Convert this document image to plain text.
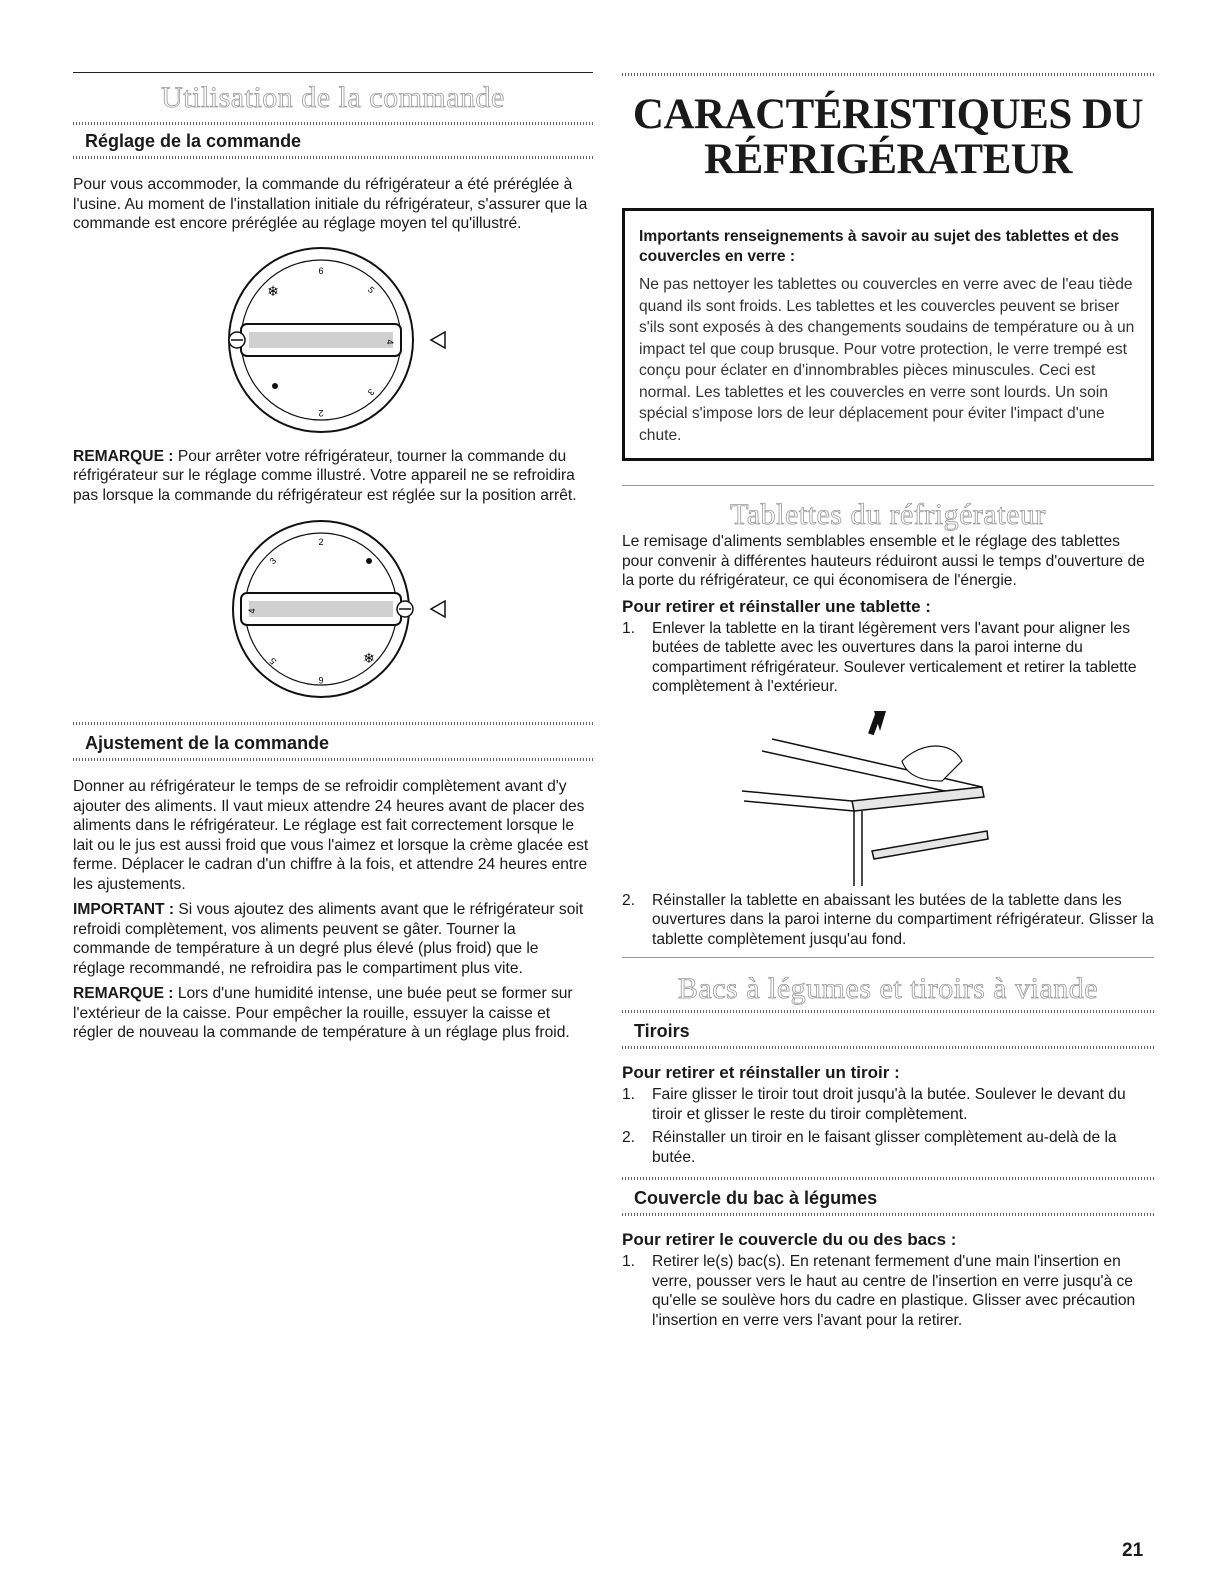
Utilisation de la commande
Réglage de la commande

Pour vous accommoder, la commande du réfrigérateur a été préréglée à l'usine. Au moment de l'installation initiale du réfrigérateur, s'assurer que la commande est encore préréglée au réglage moyen tel qu'illustré.

6
5
4
3
2
❄

REMARQUE : Pour arrêter votre réfrigérateur, tourner la commande du réfrigérateur sur le réglage comme illustré. Votre appareil ne se refroidira pas lorsque la commande du réfrigérateur est réglée sur la position arrêt.

2
3
4
5
6
❄
Ajustement de la commande

Donner au réfrigérateur le temps de se refroidir complètement avant d'y ajouter des aliments. Il vaut mieux attendre 24 heures avant de placer des aliments dans le réfrigérateur. Le réglage est fait correctement lorsque le lait ou le jus est aussi froid que vous l'aimez et lorsque la crème glacée est ferme. Déplacer le cadran d'un chiffre à la fois, et attendre 24 heures entre les ajustements.

IMPORTANT : Si vous ajoutez des aliments avant que le réfrigérateur soit refroidi complètement, vos aliments peuvent se gâter. Tourner la commande de température à un degré plus élevé (plus froid) que le réglage recommandé, ne refroidira pas le compartiment plus vite.

REMARQUE : Lors d'une humidité intense, une buée peut se former sur l'extérieur de la caisse. Pour empêcher la rouille, essuyer la caisse et régler de nouveau la commande de température à un réglage plus froid.

CARACTÉRISTIQUES DU
RÉFRIGÉRATEUR
Importants renseignements à savoir au sujet des tablettes et des couvercles en verre :
Ne pas nettoyer les tablettes ou couvercles en verre avec de l'eau tiède quand ils sont froids. Les tablettes et les couvercles peuvent se briser s'ils sont exposés à des changements soudains de température ou à un impact tel que coup brusque. Pour votre protection, le verre trempé est conçu pour éclater en d'innombrables pièces minuscules. Ceci est normal. Les tablettes et les couvercles en verre sont lourds. Un soin spécial s'impose lors de leur déplacement pour éviter l'impact d'une chute.
Tablettes du réfrigérateur

Le remisage d'aliments semblables ensemble et le réglage des tablettes pour convenir à différentes hauteurs réduiront aussi le temps d'ouverture de la porte du réfrigérateur, ce qui économisera de l'énergie.

Pour retirer et réinstaller une tablette :
1.	Enlever la tablette en la tirant légèrement vers l'avant pour aligner les butées de tablette avec les ouvertures dans la paroi interne du compartiment réfrigérateur. Soulever verticalement et retirer la tablette complètement à l'extérieur.
2.	Réinstaller la tablette en abaissant les butées de la tablette dans les ouvertures dans la paroi interne du compartiment réfrigérateur. Glisser la tablette complètement jusqu'au fond.
Bacs à légumes et tiroirs à viande
Tiroirs
Pour retirer et réinstaller un tiroir :
1.	Faire glisser le tiroir tout droit jusqu'à la butée. Soulever le devant du tiroir et glisser le reste du tiroir complètement.
2.	Réinstaller un tiroir en le faisant glisser complètement au-delà de la butée.
Couvercle du bac à légumes
Pour retirer le couvercle du ou des bacs :
1.	Retirer le(s) bac(s). En retenant fermement d'une main l'insertion en verre, pousser vers le haut au centre de l'insertion en verre jusqu'à ce qu'elle se soulève hors du cadre en plastique. Glisser avec précaution l'insertion en verre vers l'avant pour la retirer.
21
